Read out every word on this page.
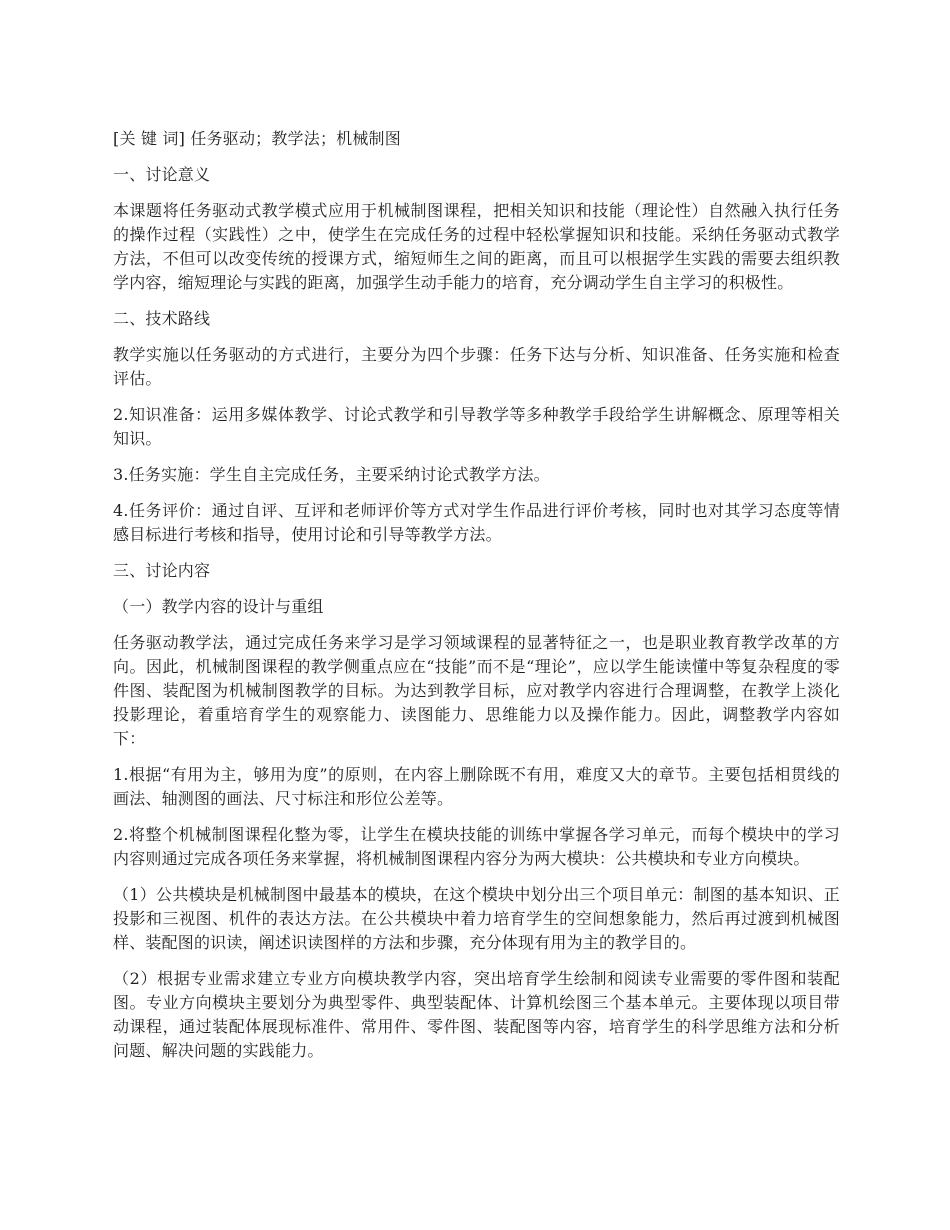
[关 键 词] 任务驱动；教学法；机械制图

一、讨论意义

本课题将任务驱动式教学模式应用于机械制图课程，把相关知识和技能（理论性）自然融入执行任务的操作过程（实践性）之中，使学生在完成任务的过程中轻松掌握知识和技能。采纳任务驱动式教学方法，不但可以改变传统的授课方式，缩短师生之间的距离，而且可以根据学生实践的需要去组织教学内容，缩短理论与实践的距离，加强学生动手能力的培育，充分调动学生自主学习的积极性。

二、技术路线

教学实施以任务驱动的方式进行，主要分为四个步骤：任务下达与分析、知识准备、任务实施和检查评估。

2.知识准备：运用多媒体教学、讨论式教学和引导教学等多种教学手段给学生讲解概念、原理等相关知识。

3.任务实施：学生自主完成任务，主要采纳讨论式教学方法。

4.任务评价：通过自评、互评和老师评价等方式对学生作品进行评价考核，同时也对其学习态度等情感目标进行考核和指导，使用讨论和引导等教学方法。

三、讨论内容

（一）教学内容的设计与重组

任务驱动教学法，通过完成任务来学习是学习领域课程的显著特征之一，也是职业教育教学改革的方向。因此，机械制图课程的教学侧重点应在“技能”而不是“理论”，应以学生能读懂中等复杂程度的零件图、装配图为机械制图教学的目标。为达到教学目标，应对教学内容进行合理调整，在教学上淡化投影理论，着重培育学生的观察能力、读图能力、思维能力以及操作能力。因此，调整教学内容如下：

1.根据“有用为主，够用为度”的原则，在内容上删除既不有用，难度又大的章节。主要包括相贯线的画法、轴测图的画法、尺寸标注和形位公差等。

2.将整个机械制图课程化整为零，让学生在模块技能的训练中掌握各学习单元，而每个模块中的学习内容则通过完成各项任务来掌握，将机械制图课程内容分为两大模块：公共模块和专业方向模块。

（1）公共模块是机械制图中最基本的模块，在这个模块中划分出三个项目单元：制图的基本知识、正投影和三视图、机件的表达方法。在公共模块中着力培育学生的空间想象能力，然后再过渡到机械图样、装配图的识读，阐述识读图样的方法和步骤，充分体现有用为主的教学目的。

（2）根据专业需求建立专业方向模块教学内容，突出培育学生绘制和阅读专业需要的零件图和装配图。专业方向模块主要划分为典型零件、典型装配体、计算机绘图三个基本单元。主要体现以项目带动课程，通过装配体展现标准件、常用件、零件图、装配图等内容，培育学生的科学思维方法和分析问题、解决问题的实践能力。
